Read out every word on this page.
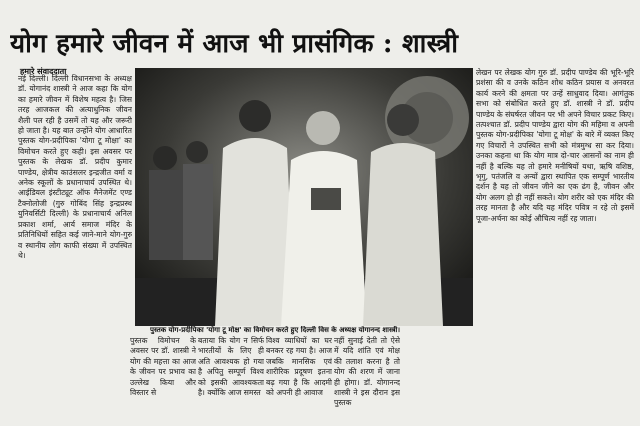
योग हमारे जीवन में आज भी प्रासंगिक : शास्त्री
हमारे संवाददाता
नई दिल्ली। दिल्ली विधानसभा के अध्यक्ष डॉ. योगानंद शास्त्री ने आज कहा कि योग का हमारे जीवन में विशेष महत्व है। जिस तरह आजकल की अत्याधुनिक जीवन शैली पल रही है उसमें तो यह और जरूरी हो जाता है। यह बात उन्होंने योग आधारित पुस्तक योग-प्रदीपिका 'योगा टू मोक्षा' का विमोचन करते हुए कही। इस अवसर पर पुस्तक के लेखक डॉ. प्रदीप कुमार पाण्डेय, क्षेत्रीय काउंसलर इन्द्रजीत वर्मा व अनेक स्कूलों के प्रधानाचार्य उपस्थित थे। आईडियल इंस्टीट्यूट ऑफ मैनेजमेंट एण्ड टैक्नोलोजी (गुरु गोबिंद सिंह इन्द्रप्रस्थ युनिवर्सिटी दिल्ली) के प्रधानाचार्य अनिल प्रकाश शर्मा, आर्य समाज मंदिर के प्रतिनिधियों सहित कई जाने-माने योग-गुरु व स्थानीय लोग काफी संख्या में उपस्थित थे।
पुस्तक योग-प्रदीपिका 'योगा टू मोक्ष' का विमोचन करते हुए दिल्ली विस के अध्यक्ष योगानन्द शास्त्री।
पुस्तक विमोचन के अवसर पर डॉ. शास्त्री ने योग की महत्ता का आज के जीवन पर प्रभाव का उल्लेख किया और विस्तार से
बताया कि योग न सिर्फ भारतीयों के लिए ही अति आवश्यक हो गया है अपितु सम्पूर्ण विश्व को इसकी आवश्यकता है। क्योंकि आज समस्त
विश्व व्याधियों का घर बनकर रह गया है। आज जबकि मानसिक एवं शारीरिक प्रदूषण इतना बढ़ गया है कि आदमी को अपनी ही आवाज
नहीं सुनाई देती तो ऐसे में यदि शांति एवं मोक्ष की तलाश करना है तो योग की शरण में जाना ही होगा। डॉ. योगानन्द शास्त्री ने इस दौरान इस पुस्तक
लेखन पर लेखक योग गुरु डॉ. प्रदीप पाण्डेय की भूरि-भूरि प्रशंसा की व उनके कठिन शोध कठिन प्रयास व अनवरत कार्य करने की क्षमता पर उन्हें साधुवाद दिया। आगंतुक सभा को संबोधित करते हुए डॉ. शास्त्री ने डॉ. प्रदीप पाण्डेय के संघर्षरत जीवन पर भी अपने विचार प्रकट किए। तत्पश्चात डॉ. प्रदीप पाण्डेय द्वारा योग की महिमा व अपनी पुस्तक योग-प्रदीपिका 'योगा टू मोक्ष' के बारे में व्यक्त किए गए विचारों ने उपस्थित सभी को मंत्रमुग्ध सा कर दिया। उनका कहना था कि योग मात्र दो-चार आसनों का नाम ही नहीं है बल्कि यह तो हमारे मनीषियों यथा, ऋषि वशिष्ठ, भृगु, पतंजलि व अन्यों द्वारा स्थापित एक सम्पूर्ण भारतीय दर्शन है यह तो जीवन जीने का एक ढंग है, जीवन और योग अलग हो ही नहीं सकते। योग शरीर को एक मंदिर की तरह मानता है और यदि यह मंदिर पवित्र न रहे तो इसमें पूजा-अर्चना का कोई औचित्य नहीं रह जाता।
